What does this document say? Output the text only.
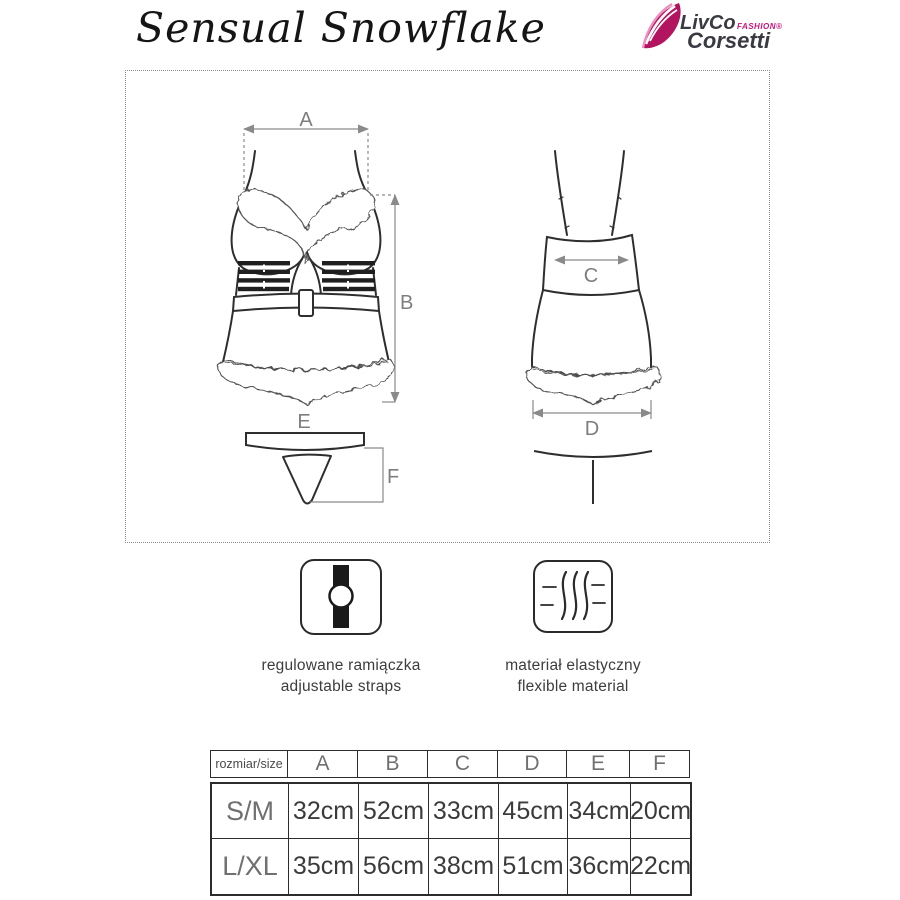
Sensual Snowflake	LivCo FASHION®
Corsetti
A
B
E
F
C
D
regulowane ramiączka
adjustable straps
materiał elastyczny
flexible material
rozmiar/size	A	B	C	D	E	F

S/M 32cm 52cm 33cm 45cm 34cm 20cm
L/XL 35cm 56cm 38cm 51cm 36cm 22cm
